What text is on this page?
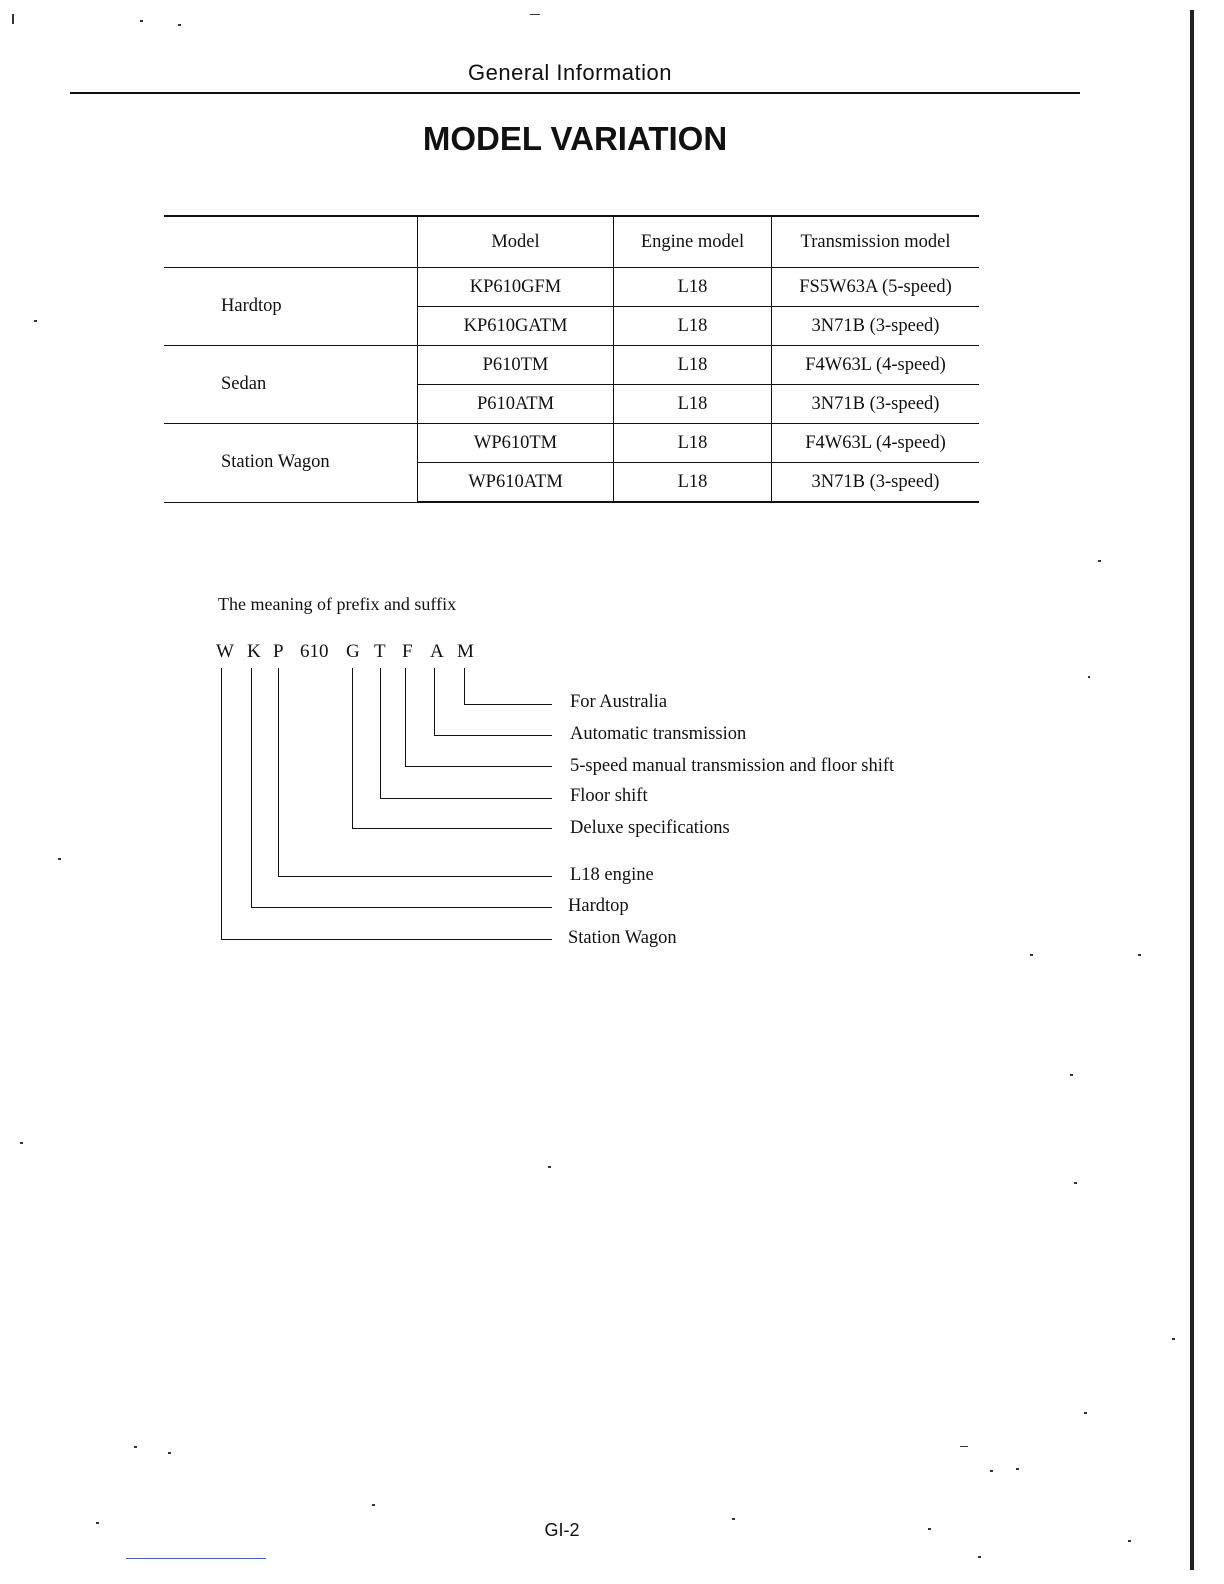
General Information
MODEL VARIATION
	Model	Engine model	Transmission model
Hardtop	KP610GFM	L18	FS5W63A (5-speed)
	KP610GATM	L18	3N71B (3-speed)
Sedan	P610TM	L18	F4W63L (4-speed)
	P610ATM	L18	3N71B (3-speed)
Station Wagon	WP610TM	L18	F4W63L (4-speed)
	WP610ATM	L18	3N71B (3-speed)
The meaning of prefix and suffix
W K P 610 G T F A M
For Australia
Automatic transmission
5-speed manual transmission and floor shift
Floor shift
Deluxe specifications
L18 engine
Hardtop
Station Wagon
GI-2
